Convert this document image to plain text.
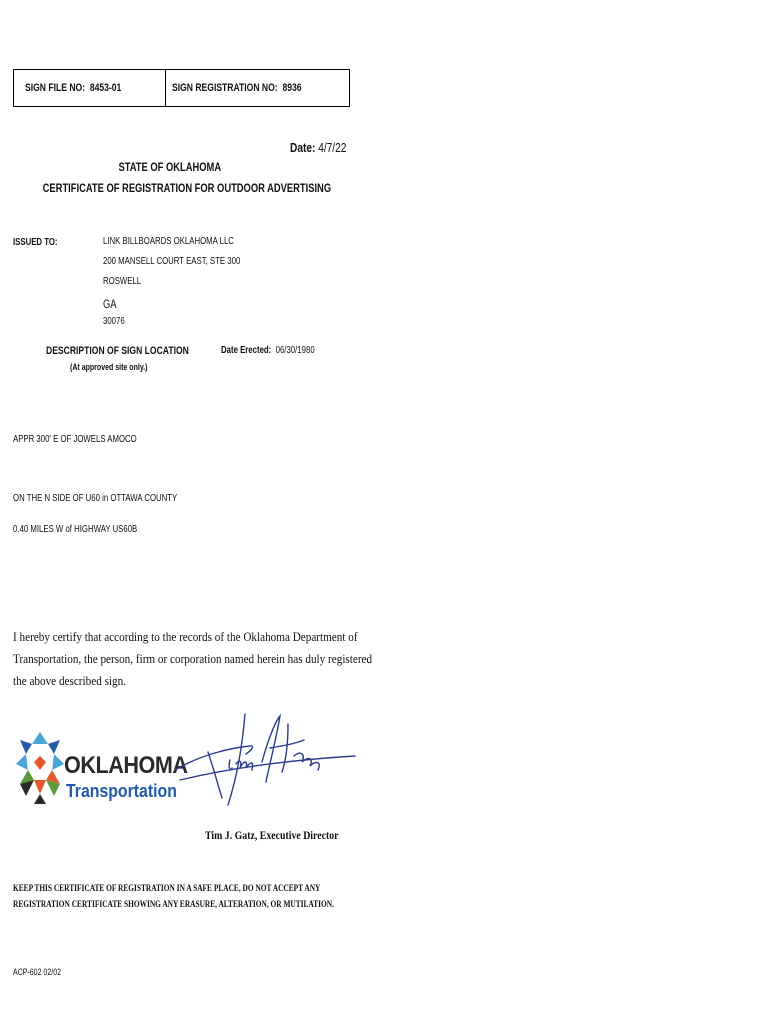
SIGN FILE NO: 8453-01	SIGN REGISTRATION NO: 8936
Date: 4/7/22
STATE OF OKLAHOMA
CERTIFICATE OF REGISTRATION FOR OUTDOOR ADVERTISING
ISSUED TO:	LINK BILLBOARDS OKLAHOMA LLC
200 MANSELL COURT EAST, STE 300
ROSWELL
GA
30076
DESCRIPTION OF SIGN LOCATION
(At approved site only.)
Date Erected: 06/30/1980
APPR 300' E OF JOWELS AMOCO
ON THE N SIDE OF U60 in OTTAWA COUNTY
0.40 MILES W of HIGHWAY US60B
I hereby certify that according to the records of the Oklahoma Department of
Transportation, the person, firm or corporation named herein has duly registered
the above described sign.
OKLAHOMA
Transportation
Tim J. Gatz, Executive Director
KEEP THIS CERTIFICATE OF REGISTRATION IN A SAFE PLACE, DO NOT ACCEPT ANY
REGISTRATION CERTIFICATE SHOWING ANY ERASURE, ALTERATION, OR MUTILATION.
ACP-602 02/02
